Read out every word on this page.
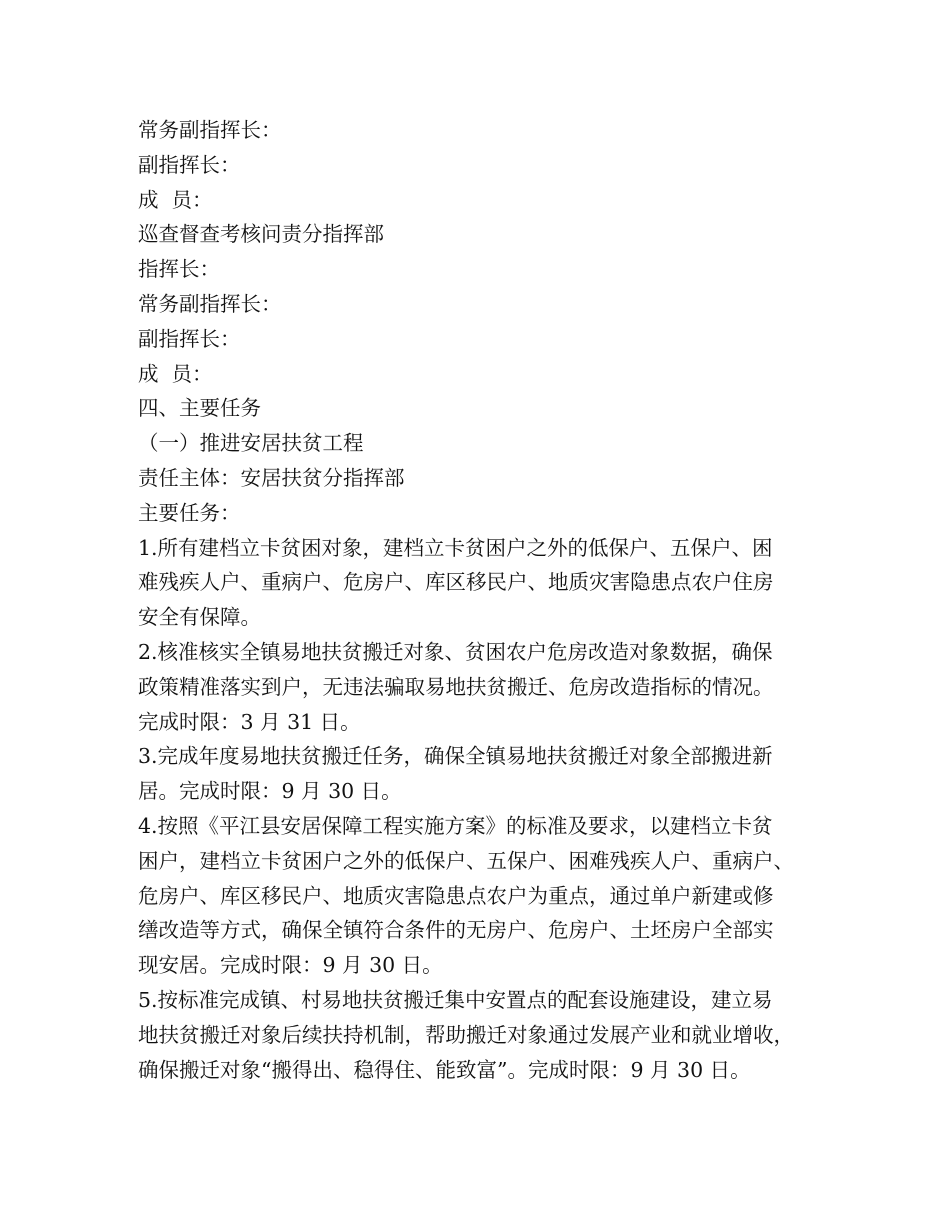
常务副指挥长：
副指挥长：
成  员：
巡查督查考核问责分指挥部
指挥长：
常务副指挥长：
副指挥长：
成  员：
四、主要任务
（一）推进安居扶贫工程
责任主体：安居扶贫分指挥部
主要任务：
1.所有建档立卡贫困对象，建档立卡贫困户之外的低保户、五保户、困
难残疾人户、重病户、危房户、库区移民户、地质灾害隐患点农户住房
安全有保障。
2.核准核实全镇易地扶贫搬迁对象、贫困农户危房改造对象数据，确保
政策精准落实到户，无违法骗取易地扶贫搬迁、危房改造指标的情况。
完成时限：3 月 31 日。
3.完成年度易地扶贫搬迁任务，确保全镇易地扶贫搬迁对象全部搬进新
居。完成时限：9 月 30 日。
4.按照《平江县安居保障工程实施方案》的标准及要求，以建档立卡贫
困户，建档立卡贫困户之外的低保户、五保户、困难残疾人户、重病户、
危房户、库区移民户、地质灾害隐患点农户为重点，通过单户新建或修
缮改造等方式，确保全镇符合条件的无房户、危房户、土坯房户全部实
现安居。完成时限：9 月 30 日。
5.按标准完成镇、村易地扶贫搬迁集中安置点的配套设施建设，建立易
地扶贫搬迁对象后续扶持机制，帮助搬迁对象通过发展产业和就业增收，
确保搬迁对象“搬得出、稳得住、能致富”。完成时限：9 月 30 日。
